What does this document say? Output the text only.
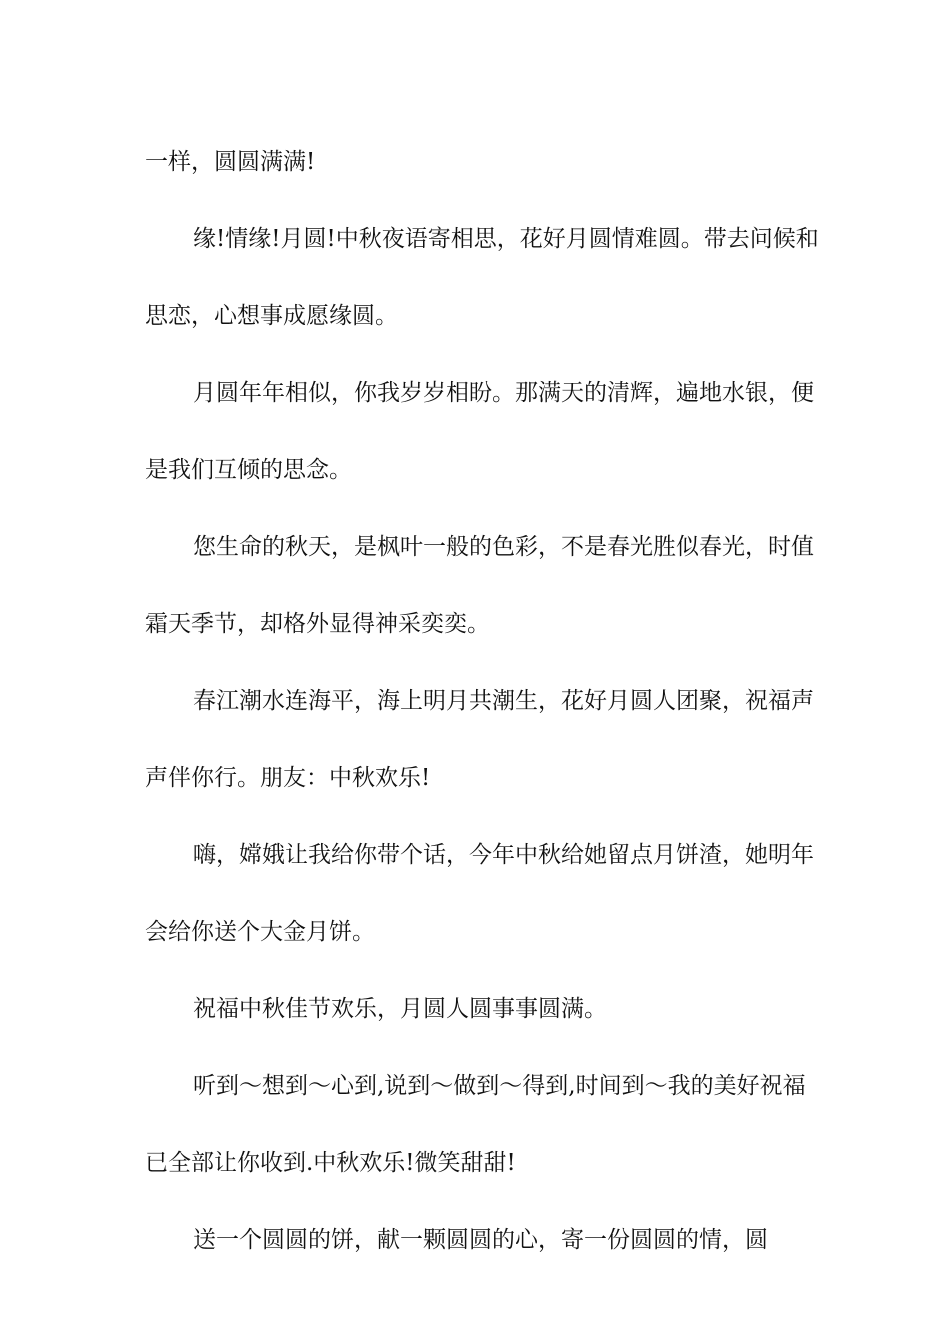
一样，圆圆满满!

缘!情缘!月圆!中秋夜语寄相思，花好月圆情难圆。带去问候和思恋，心想事成愿缘圆。

月圆年年相似，你我岁岁相盼。那满天的清辉，遍地水银，便是我们互倾的思念。

您生命的秋天，是枫叶一般的色彩，不是春光胜似春光，时值霜天季节，却格外显得神采奕奕。

春江潮水连海平，海上明月共潮生，花好月圆人团聚，祝福声声伴你行。朋友：中秋欢乐!

嗨，嫦娥让我给你带个话，今年中秋给她留点月饼渣，她明年会给你送个大金月饼。

祝福中秋佳节欢乐，月圆人圆事事圆满。

听到～想到～心到,说到～做到～得到,时间到～我的美好祝福已全部让你收到.中秋欢乐!微笑甜甜!

送一个圆圆的饼，献一颗圆圆的心，寄一份圆圆的情，圆
